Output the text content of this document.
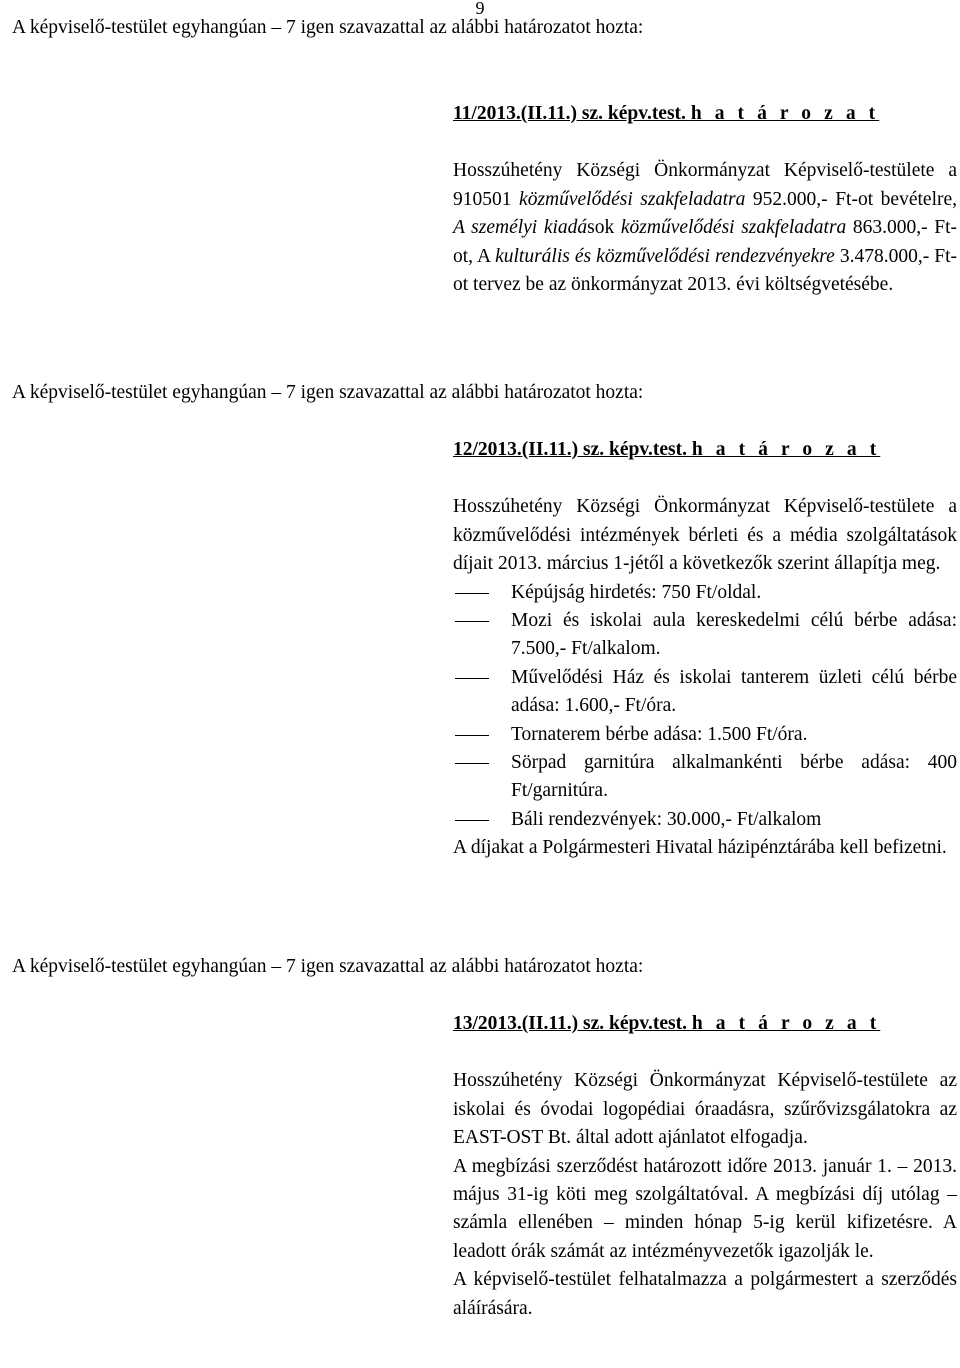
9
A képviselő-testület egyhangúan – 7 igen szavazattal az alábbi határozatot hozta:
11/2013.(II.11.) sz. képv.test. h a t á r o z a t

Hosszúhetény Községi Önkormányzat Képviselő-testülete a 910501 közművelődési szakfeladatra 952.000,- Ft-ot bevételre, A személyi kiadások közművelődési szakfeladatra 863.000,- Ft-ot, A kulturális és közművelődési rendezvényekre 3.478.000,- Ft-ot tervez be az önkormányzat 2013. évi költségvetésébe.

A képviselő-testület egyhangúan – 7 igen szavazattal az alábbi határozatot hozta:
12/2013.(II.11.) sz. képv.test. h a t á r o z a t

Hosszúhetény Községi Önkormányzat Képviselő-testülete a közművelődési intézmények bérleti és a média szolgáltatások díjait 2013. március 1-jétől a következők szerint állapítja meg.

Képújság hirdetés: 750 Ft/oldal.
Mozi és iskolai aula kereskedelmi célú bérbe adása: 7.500,- Ft/alkalom.
Művelődési Ház és iskolai tanterem üzleti célú bérbe adása: 1.600,- Ft/óra.
Tornaterem bérbe adása: 1.500 Ft/óra.
Sörpad garnitúra alkalmankénti bérbe adása: 400 Ft/garnitúra.
Báli rendezvények: 30.000,- Ft/alkalom

A díjakat a Polgármesteri Hivatal házipénztárába kell befizetni.

A képviselő-testület egyhangúan – 7 igen szavazattal az alábbi határozatot hozta:
13/2013.(II.11.) sz. képv.test. h a t á r o z a t

Hosszúhetény Községi Önkormányzat Képviselő-testülete az iskolai és óvodai logopédiai óraadásra, szűrővizsgálatokra az EAST-OST Bt. által adott ajánlatot elfogadja.

A megbízási szerződést határozott időre 2013. január 1. – 2013. május 31-ig köti meg szolgáltatóval. A megbízási díj utólag – számla ellenében – minden hónap 5-ig kerül kifizetésre. A leadott órák számát az intézményvezetők igazolják le.

A képviselő-testület felhatalmazza a polgármestert a szerződés aláírására.
